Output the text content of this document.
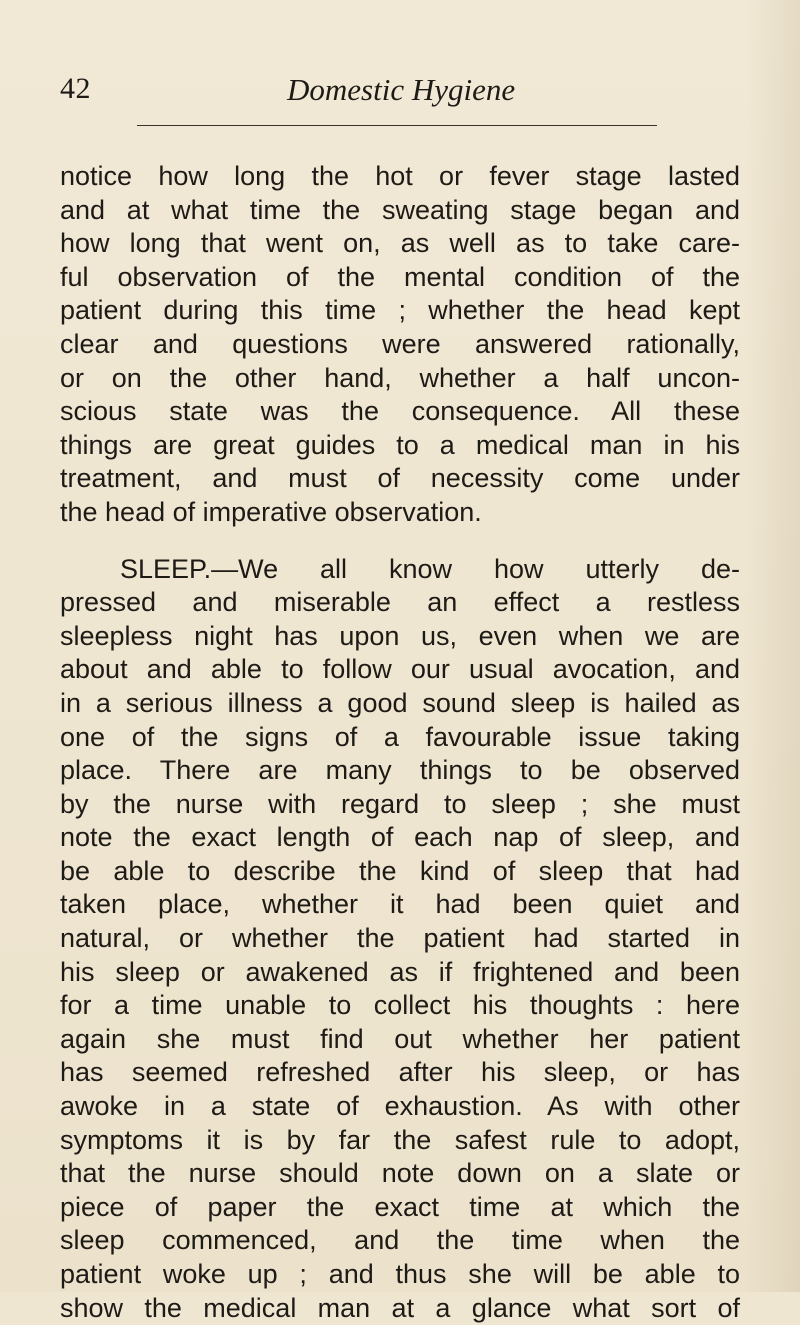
42	Domestic Hygiene
notice how long the hot or fever stage lasted
and at what time the sweating stage began and
how long that went on, as well as to take care-
ful observation of the mental condition of the
patient during this time ; whether the head kept
clear and questions were answered rationally,
or on the other hand, whether a half uncon-
scious state was the consequence. All these
things are great guides to a medical man in his
treatment, and must of necessity come under
the head of imperative observation.
SLEEP.—We all know how utterly de-
pressed and miserable an effect a restless
sleepless night has upon us, even when we are
about and able to follow our usual avocation, and
in a serious illness a good sound sleep is hailed as
one of the signs of a favourable issue taking
place. There are many things to be observed
by the nurse with regard to sleep ; she must
note the exact length of each nap of sleep, and
be able to describe the kind of sleep that had
taken place, whether it had been quiet and
natural, or whether the patient had started in
his sleep or awakened as if frightened and been
for a time unable to collect his thoughts : here
again she must find out whether her patient
has seemed refreshed after his sleep, or has
awoke in a state of exhaustion. As with other
symptoms it is by far the safest rule to adopt,
that the nurse should note down on a slate or
piece of paper the exact time at which the
sleep commenced, and the time when the
patient woke up ; and thus she will be able to
show the medical man at a glance what sort of
